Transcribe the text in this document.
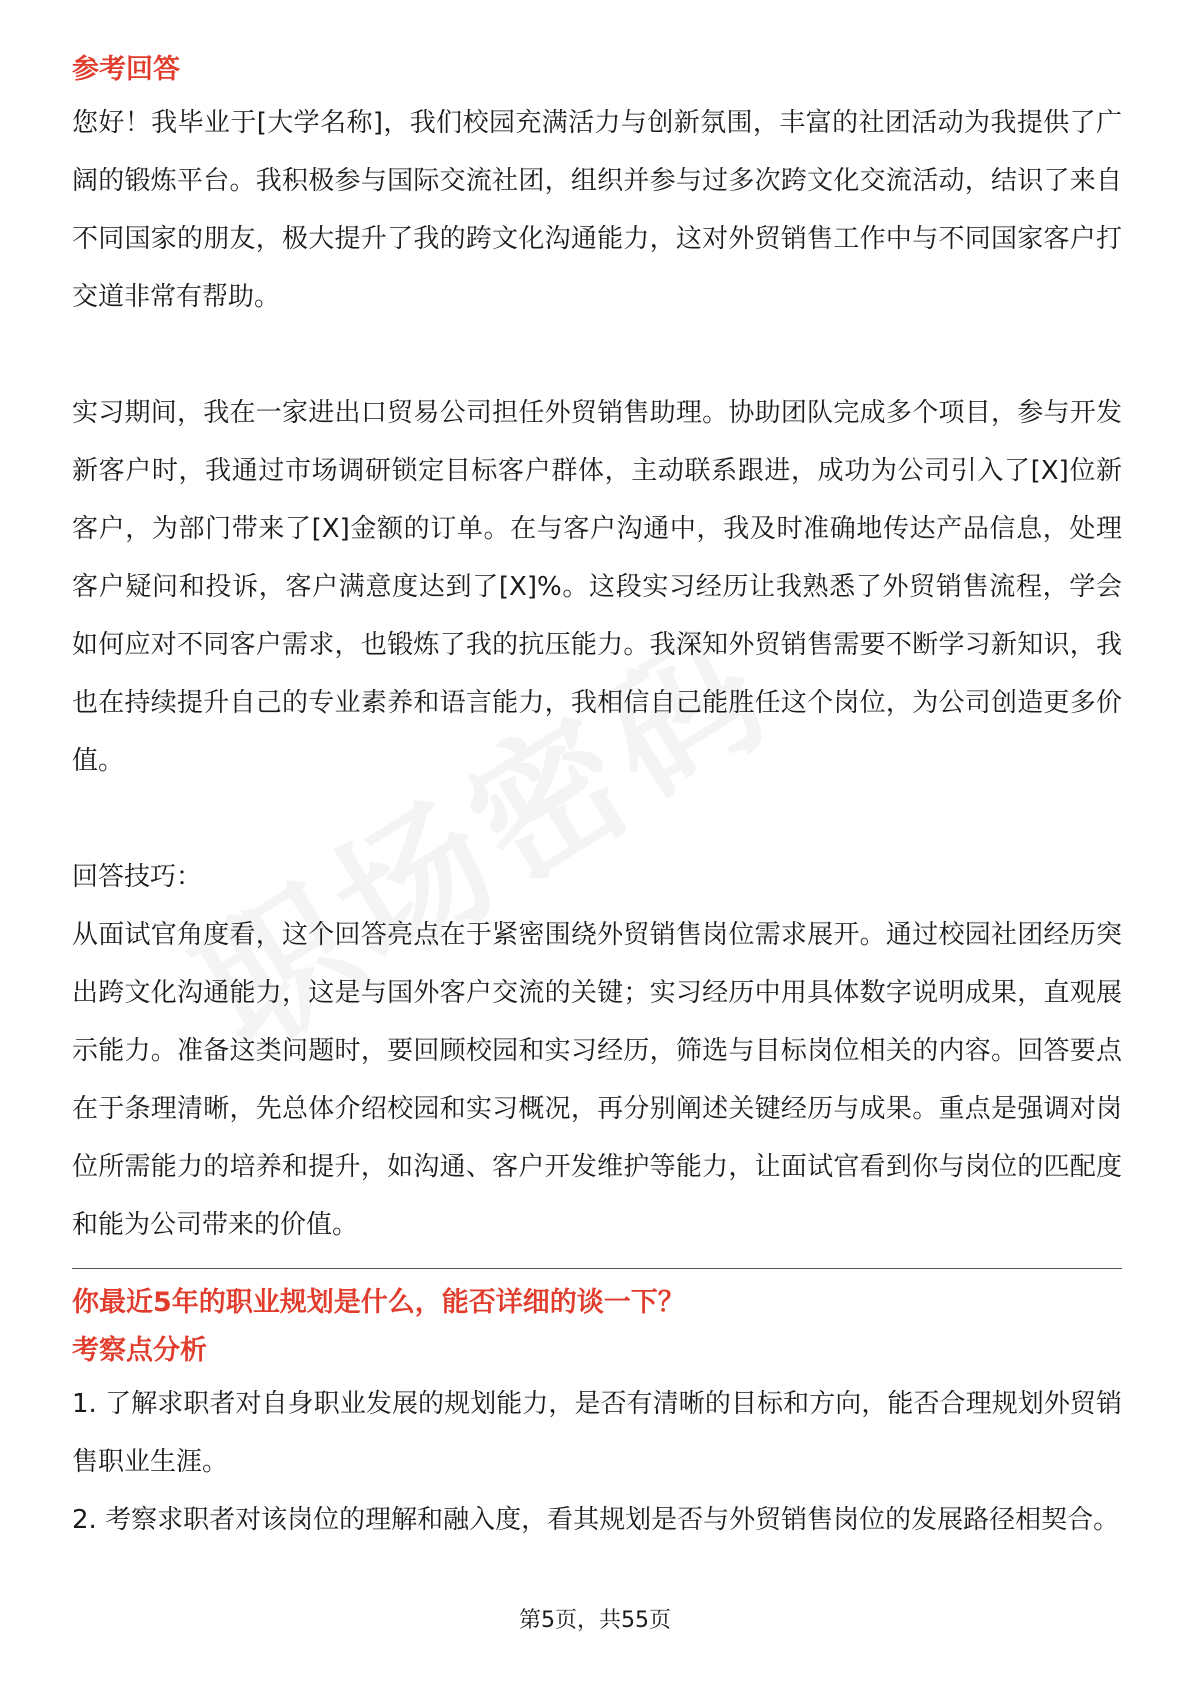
参考回答

您好！我毕业于[大学名称]，我们校园充满活力与创新氛围，丰富的社团活动为我提供了广阔的锻炼平台。我积极参与国际交流社团，组织并参与过多次跨文化交流活动，结识了来自不同国家的朋友，极大提升了我的跨文化沟通能力，这对外贸销售工作中与不同国家客户打交道非常有帮助。

实习期间，我在一家进出口贸易公司担任外贸销售助理。协助团队完成多个项目，参与开发新客户时，我通过市场调研锁定目标客户群体，主动联系跟进，成功为公司引入了[X]位新客户，为部门带来了[X]金额的订单。在与客户沟通中，我及时准确地传达产品信息，处理客户疑问和投诉，客户满意度达到了[X]%。这段实习经历让我熟悉了外贸销售流程，学会如何应对不同客户需求，也锻炼了我的抗压能力。我深知外贸销售需要不断学习新知识，我也在持续提升自己的专业素养和语言能力，我相信自己能胜任这个岗位，为公司创造更多价值。

回答技巧：

从面试官角度看，这个回答亮点在于紧密围绕外贸销售岗位需求展开。通过校园社团经历突出跨文化沟通能力，这是与国外客户交流的关键；实习经历中用具体数字说明成果，直观展示能力。准备这类问题时，要回顾校园和实习经历，筛选与目标岗位相关的内容。回答要点在于条理清晰，先总体介绍校园和实习概况，再分别阐述关键经历与成果。重点是强调对岗位所需能力的培养和提升，如沟通、客户开发维护等能力，让面试官看到你与岗位的匹配度和能为公司带来的价值。

你最近5年的职业规划是什么，能否详细的谈一下？

考察点分析

1. 了解求职者对自身职业发展的规划能力，是否有清晰的目标和方向，能否合理规划外贸销售职业生涯。

2. 考察求职者对该岗位的理解和融入度，看其规划是否与外贸销售岗位的发展路径相契合。

第5页，共55页
